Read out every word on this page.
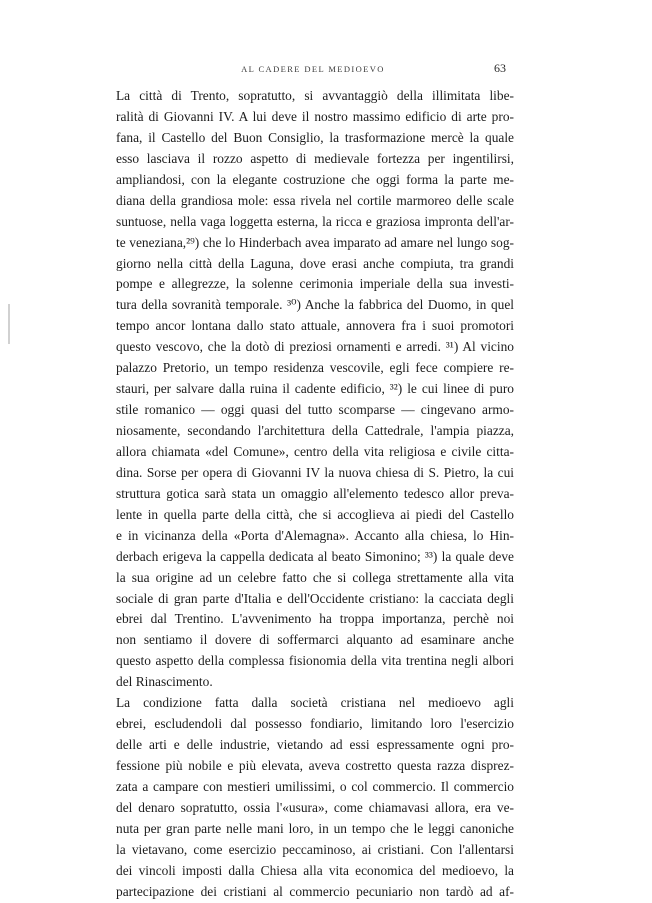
AL CADERE DEL MEDIOEVO	63
La città di Trento, sopratutto, si avvantaggiò della illimitata libe-
ralità di Giovanni IV. A lui deve il nostro massimo edificio di arte pro-
fana, il Castello del Buon Consiglio, la trasformazione mercè la quale
esso lasciava il rozzo aspetto di medievale fortezza per ingentilirsi,
ampliandosi, con la elegante costruzione che oggi forma la parte me-
diana della grandiosa mole: essa rivela nel cortile marmoreo delle scale
suntuose, nella vaga loggetta esterna, la ricca e graziosa impronta dell'ar-
te veneziana,²⁹) che lo Hinderbach avea imparato ad amare nel lungo sog-
giorno nella città della Laguna, dove erasi anche compiuta, tra grandi
pompe e allegrezze, la solenne cerimonia imperiale della sua investi-
tura della sovranità temporale. ³⁰) Anche la fabbrica del Duomo, in quel
tempo ancor lontana dallo stato attuale, annovera fra i suoi promotori
questo vescovo, che la dotò di preziosi ornamenti e arredi. ³¹) Al vicino
palazzo Pretorio, un tempo residenza vescovile, egli fece compiere re-
stauri, per salvare dalla ruina il cadente edificio, ³²) le cui linee di puro
stile romanico — oggi quasi del tutto scomparse — cingevano armo-
niosamente, secondando l'architettura della Cattedrale, l'ampia piazza,
allora chiamata «del Comune», centro della vita religiosa e civile citta-
dina. Sorse per opera di Giovanni IV la nuova chiesa di S. Pietro, la cui
struttura gotica sarà stata un omaggio all'elemento tedesco allor preva-
lente in quella parte della città, che si accoglieva ai piedi del Castello
e in vicinanza della «Porta d'Alemagna». Accanto alla chiesa, lo Hin-
derbach erigeva la cappella dedicata al beato Simonino; ³³) la quale deve
la sua origine ad un celebre fatto che si collega strettamente alla vita
sociale di gran parte d'Italia e dell'Occidente cristiano: la cacciata degli
ebrei dal Trentino. L'avvenimento ha troppa importanza, perchè noi
non sentiamo il dovere di soffermarci alquanto ad esaminare anche
questo aspetto della complessa fisionomia della vita trentina negli albori
del Rinascimento.
La condizione fatta dalla società cristiana nel medioevo agli
ebrei, escludendoli dal possesso fondiario, limitando loro l'esercizio
delle arti e delle industrie, vietando ad essi espressamente ogni pro-
fessione più nobile e più elevata, aveva costretto questa razza disprez-
zata a campare con mestieri umilissimi, o col commercio. Il commercio
del denaro sopratutto, ossia l'«usura», come chiamavasi allora, era ve-
nuta per gran parte nelle mani loro, in un tempo che le leggi canoniche
la vietavano, come esercizio peccaminoso, ai cristiani. Con l'allentarsi
dei vincoli imposti dalla Chiesa alla vita economica del medioevo, la
partecipazione dei cristiani al commercio pecuniario non tardò ad af-
